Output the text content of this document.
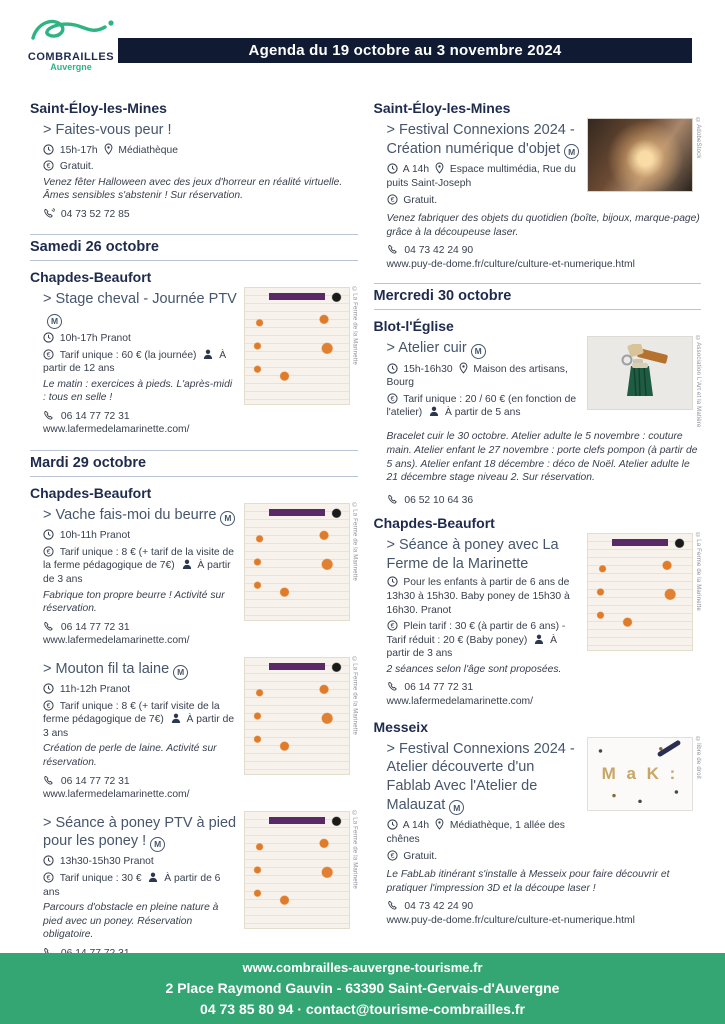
COMBRAILLES
Auvergne
Agenda du 19 octobre au 3 novembre 2024
Saint-Éloy-les-Mines
> Faites-vous peur !
15h-17h Médiathèque
€ Gratuit.
Venez fêter Halloween avec des jeux d'horreur en réalité virtuelle. Âmes sensibles s'abstenir ! Sur réservation.
04 73 52 72 85
Samedi 26 octobre
Chapdes-Beaufort
> Stage cheval - Journée PTVM
10h-17h Pranot
€ Tarif unique : 60 € (la journée) À partir de 12 ans
Le matin : exercices à pieds. L'après-midi : tous en selle !
06 14 77 72 31
www.lafermedelamarinette.com/
©La Ferme de la Marinette
Mardi 29 octobre
Chapdes-Beaufort
> Vache fais-moi du beurre M
10h-11h Pranot
€ Tarif unique : 8 € (+ tarif de la visite de la ferme pédagogique de 7€) À partir de 3 ans
Fabrique ton propre beurre ! Activité sur réservation.
06 14 77 72 31
www.lafermedelamarinette.com/
©La Ferme de la Marinette
> Mouton fil ta laine M
11h-12h Pranot
€ Tarif unique : 8 € (+ tarif visite de la ferme pédagogique de 7€) À partir de 3 ans
Création de perle de laine. Activité sur réservation.
06 14 77 72 31
www.lafermedelamarinette.com/
©La Ferme de la Marinette
> Séance à poney PTV à pied pour les poney ! M
13h30-15h30 Pranot
€ Tarif unique : 30 € À partir de 6 ans
Parcours d'obstacle en pleine nature à pied avec un poney. Réservation obligatoire.
©La Ferme de la Marinette
Saint-Éloy-les-Mines
> Festival Connexions 2024 - Création numérique d'objet M
A 14h Espace multimédia, Rue du puits Saint-Joseph
€ Gratuit.
©AdobeStock
Venez fabriquer des objets du quotidien (boîte, bijoux, marque-page) grâce à la découpeuse laser.
04 73 42 24 90
www.puy-de-dome.fr/culture/culture-et-numerique.html
Mercredi 30 octobre
Blot-l'Église
> Atelier cuir M
15h-16h30 Maison des artisans, Bourg
€ Tarif unique : 20 / 60 € (en fonction de l'atelier) À partir de 5 ans	©Association L'Art et la Matière
Bracelet cuir le 30 octobre. Atelier adulte le 5 novembre : couture main. Atelier enfant le 27 novembre : porte clefs pompon (à partir de 5 ans). Atelier enfant 18 décembre : déco de Noël. Atelier adulte le 21 décembre stage niveau 2. Sur réservation.
06 52 10 64 36
Chapdes-Beaufort
> Séance à poney avec La Ferme de la Marinette
Pour les enfants à partir de 6 ans de 13h30 à 15h30. Baby poney de 15h30 à 16h30. Pranot
€ Plein tarif : 30 € (à partir de 6 ans) - Tarif réduit : 20 € (Baby poney) À partir de 3 ans
2 séances selon l'âge sont proposées.
06 14 77 72 31
www.lafermedelamarinette.com/
©La Ferme de la Marinette
Messeix
> Festival Connexions 2024 - Atelier découverte d'un Fablab Avec l'Atelier de Malauzat M
A 14h Médiathèque, 1 allée des chênes
€ Gratuit.
M a K :	©libre de droit
Le FabLab itinérant s'installe à Messeix pour faire découvrir et pratiquer l'impression 3D et la découpe laser !
04 73 42 24 90
www.puy-de-dome.fr/culture/culture-et-numerique.html
www.combrailles-auvergne-tourisme.fr
2 Place Raymond Gauvin - 63390 Saint-Gervais-d'Auvergne
04 73 85 80 94 · contact@tourisme-combrailles.fr
